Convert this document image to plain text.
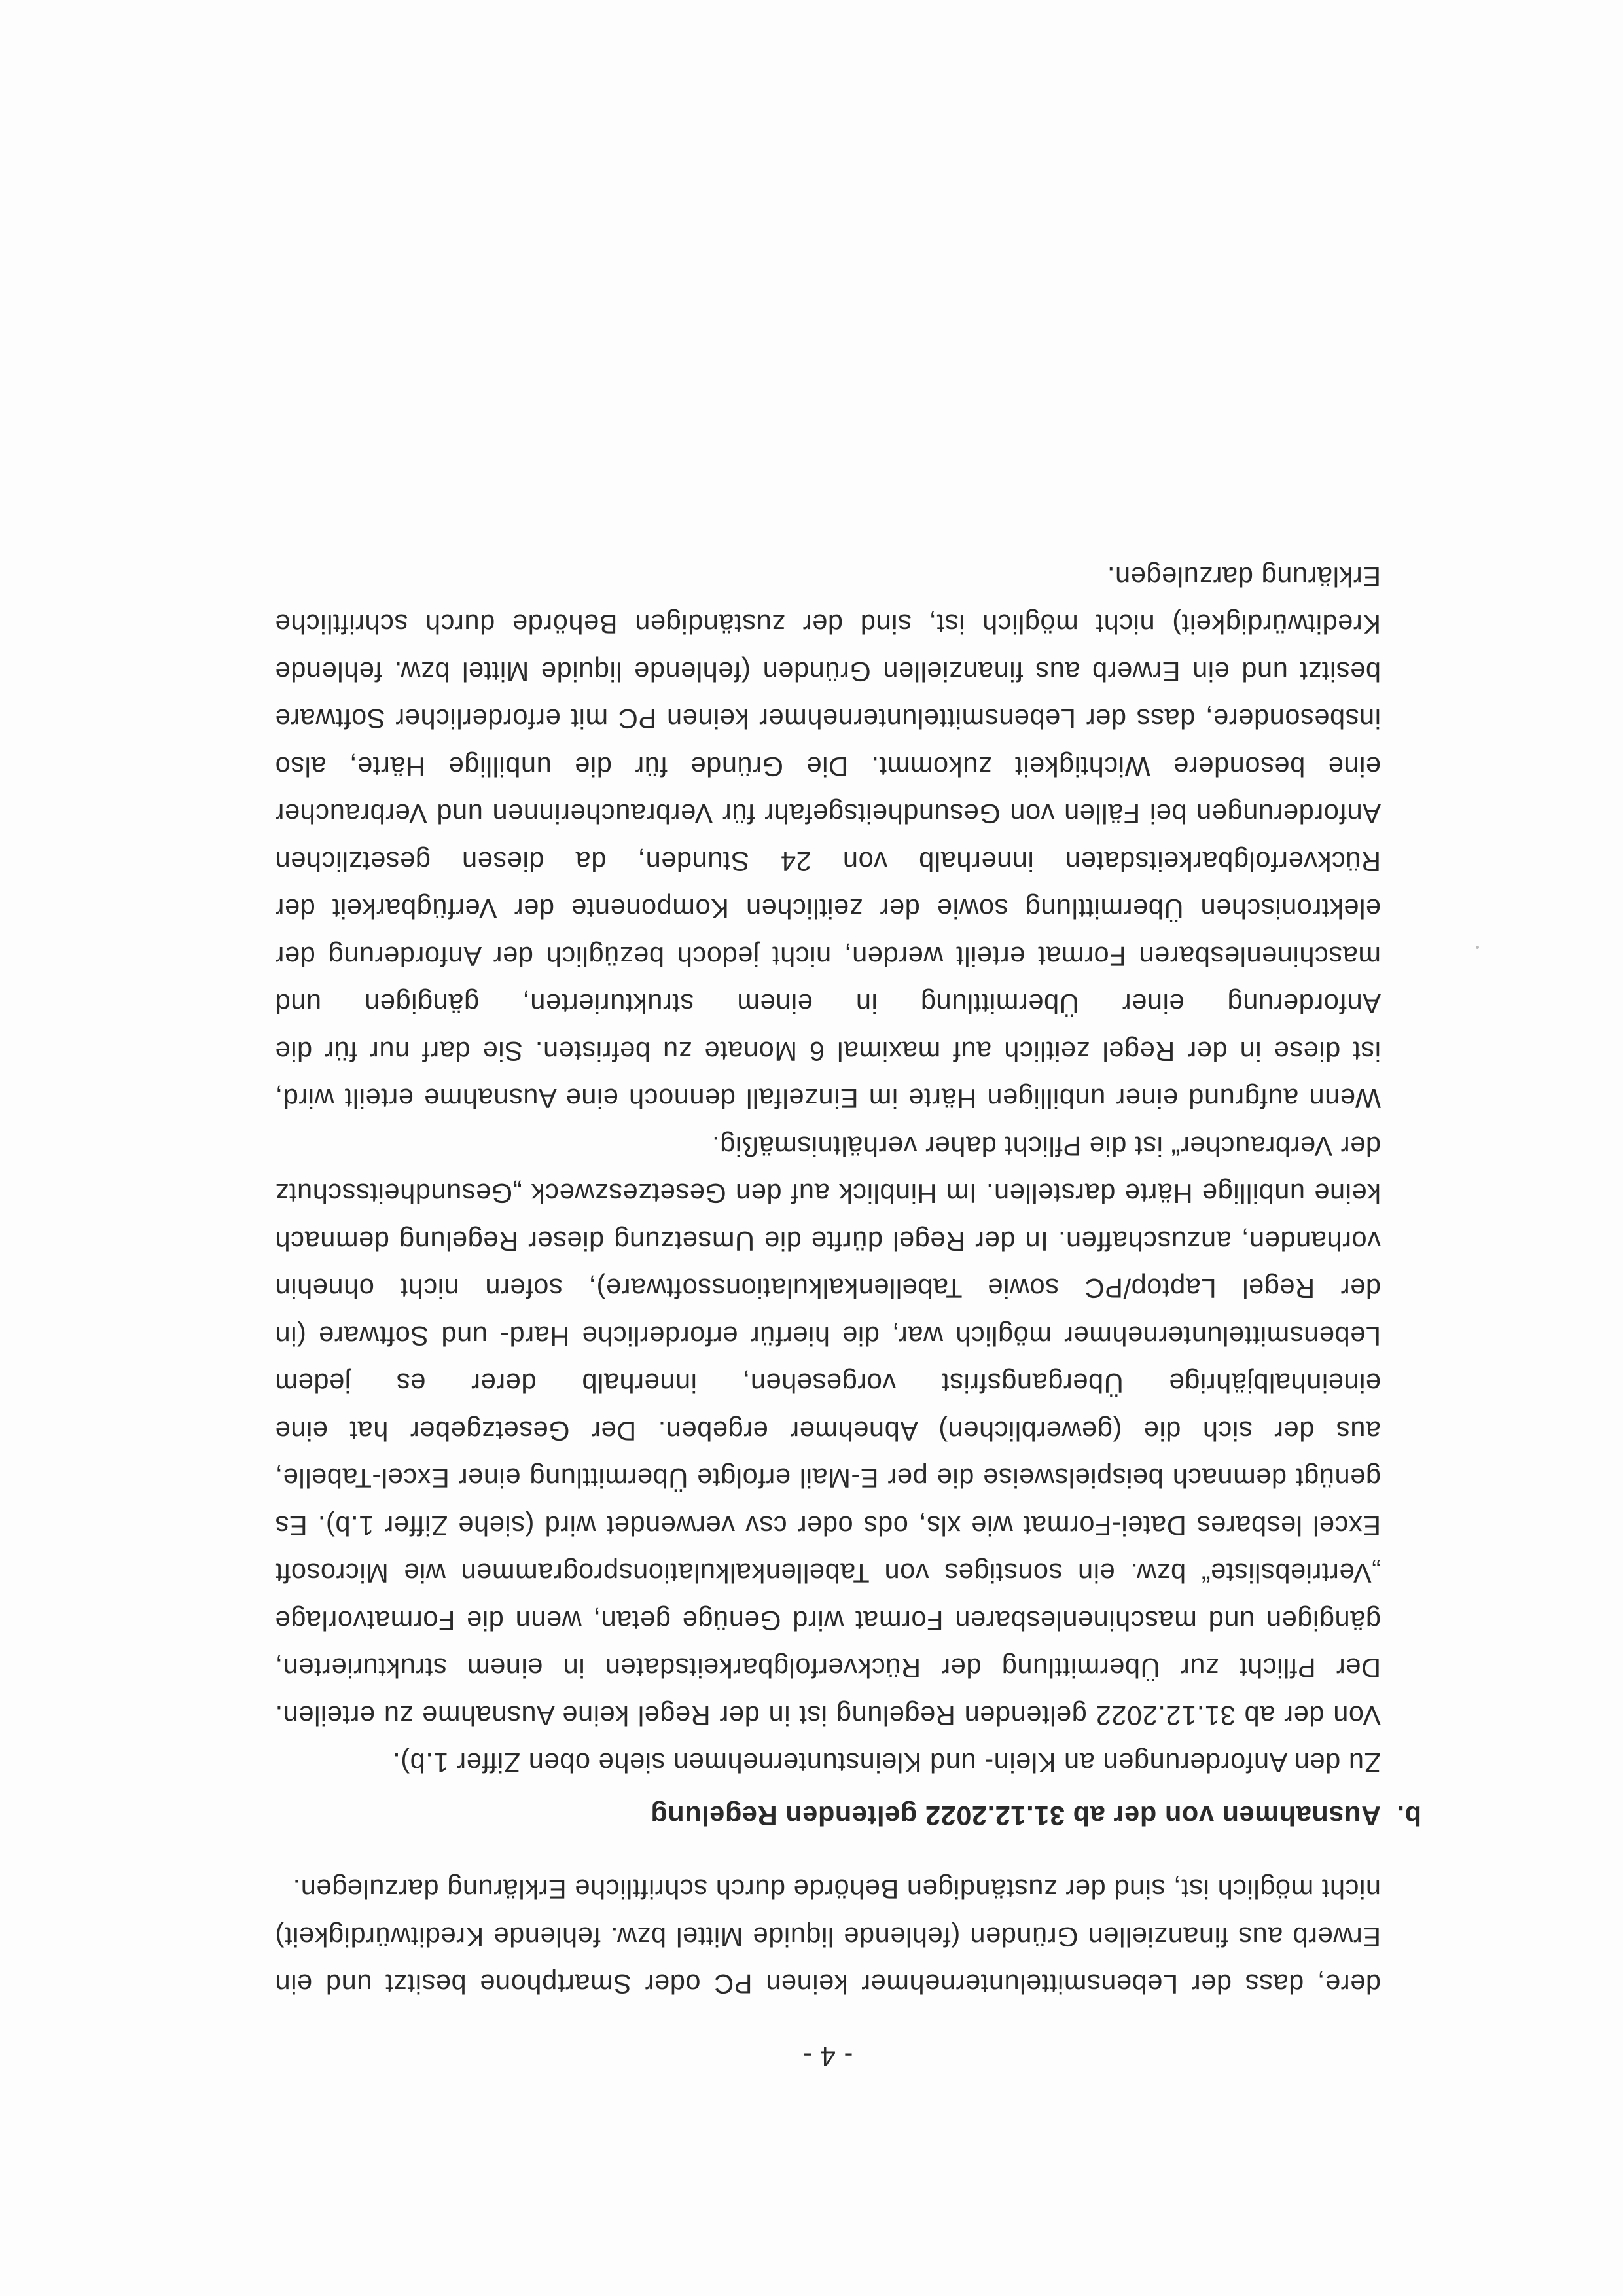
- 4 -

dere, dass der Lebensmittelunternehmer keinen PC oder Smartphone besitzt und ein Erwerb aus finanziellen Gründen (fehlende liquide Mittel bzw. fehlende Kreditwürdigkeit) nicht möglich ist, sind der zuständigen Behörde durch schriftliche Erklärung darzulegen.

b.Ausnahmen von der ab 31.12.2022 geltenden Regelung

Zu den Anforderungen an Klein- und Kleinstunternehmen siehe oben Ziffer 1.b).

Von der ab 31.12.2022 geltenden Regelung ist in der Regel keine Ausnahme zu erteilen. Der Pflicht zur Übermittlung der Rückverfolgbarkeitsdaten in einem strukturierten, gängigen und maschinenlesbaren Format wird Genüge getan, wenn die Formatvorlage „Vertriebsliste“ bzw. ein sonstiges von Tabellenkalkulationsprogrammen wie Microsoft Excel lesbares Datei-Format wie xls, ods oder csv verwendet wird (siehe Ziffer 1.b). Es genügt demnach beispielsweise die per E-Mail erfolgte Übermittlung einer Excel-Tabelle, aus der sich die (gewerblichen) Abnehmer ergeben. Der Gesetzgeber hat eine eineinhalbjährige Übergangsfrist vorgesehen, innerhalb derer es jedem Lebensmittelunternehmer möglich war, die hierfür erforderliche Hard- und Software (in der Regel Laptop/PC sowie Tabellenkalkulationssoftware), sofern nicht ohnehin vorhanden, anzuschaffen. In der Regel dürfte die Umsetzung dieser Regelung demnach keine unbillige Härte darstellen. Im Hinblick auf den Gesetzeszweck „Gesundheitsschutz der Verbraucher“ ist die Pflicht daher verhältnismäßig.

Wenn aufgrund einer unbilligen Härte im Einzelfall dennoch eine Ausnahme erteilt wird, ist diese in der Regel zeitlich auf maximal 6 Monate zu befristen. Sie darf nur für die Anforderung einer Übermittlung in einem strukturierten, gängigen und maschinenlesbaren Format erteilt werden, nicht jedoch bezüglich der Anforderung der elektronischen Übermittlung sowie der zeitlichen Komponente der Verfügbarkeit der Rückverfolgbarkeitsdaten innerhalb von 24 Stunden, da diesen gesetzlichen Anforderungen bei Fällen von Gesundheitsgefahr für Verbraucherinnen und Verbraucher eine besondere Wichtigkeit zukommt. Die Gründe für die unbillige Härte, also insbesondere, dass der Lebensmittelunternehmer keinen PC mit erforderlicher Software besitzt und ein Erwerb aus finanziellen Gründen (fehlende liquide Mittel bzw. fehlende Kreditwürdigkeit) nicht möglich ist, sind der zuständigen Behörde durch schriftliche Erklärung darzulegen.
